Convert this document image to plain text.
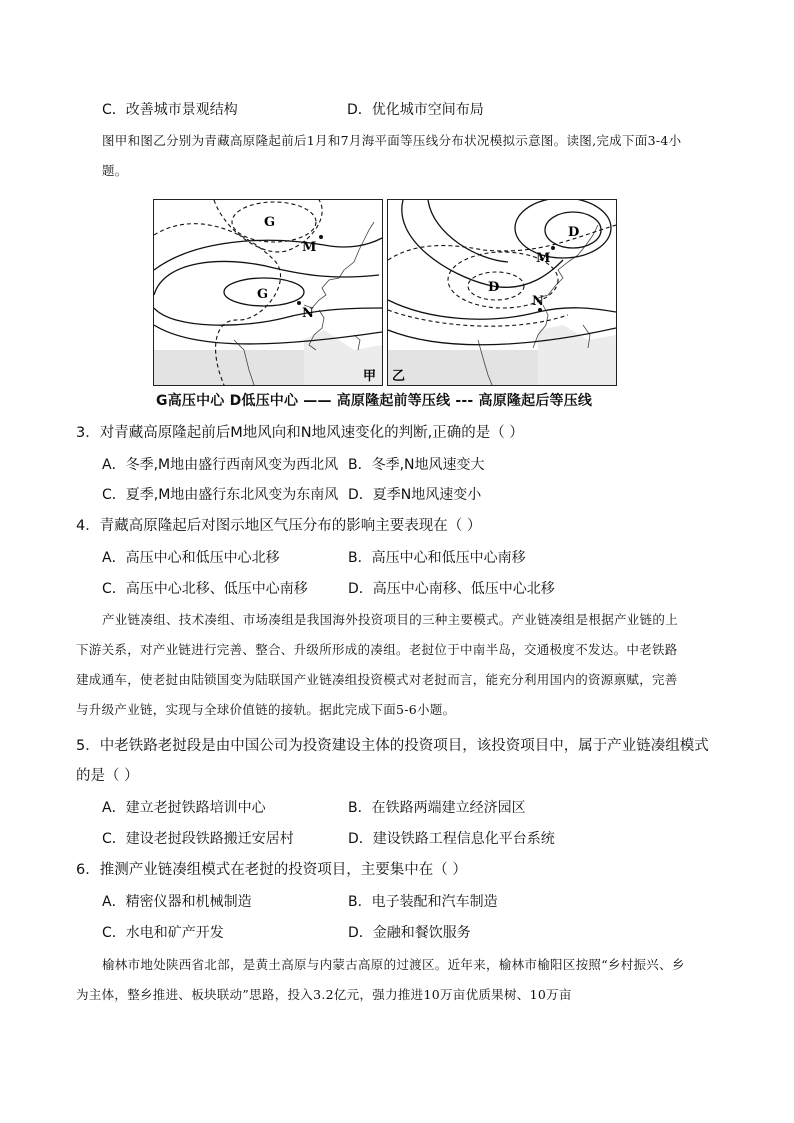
C．改善城市景观结构	D．优化城市空间布局
图甲和图乙分别为青藏高原隆起前后1月和7月海平面等压线分布状况模拟示意图。读图,完成下面3-4小题。
G
G
M
N
甲
D
D
M
N
乙
G高压中心 D低压中心 —— 高原隆起前等压线 --- 高原隆起后等压线
3．对青藏高原隆起前后M地风向和N地风速变化的判断,正确的是（ ）
A．冬季,M地由盛行西南风变为西北风 B．冬季,N地风速变大
C．夏季,M地由盛行东北风变为东南风 D．夏季N地风速变小
4．青藏高原隆起后对图示地区气压分布的影响主要表现在（ ）
A．高压中心和低压中心北移	B．高压中心和低压中心南移
C．高压中心北移、低压中心南移	D．高压中心南移、低压中心北移
产业链凑组、技术凑组、市场凑组是我国海外投资项目的三种主要模式。产业链凑组是根据产业链的上下游关系，对产业链进行完善、整合、升级所形成的凑组。老挝位于中南半岛，交通极度不发达。中老铁路建成通车，使老挝由陆锁国变为陆联国产业链凑组投资模式对老挝而言，能充分利用国内的资源禀赋，完善与升级产业链，实现与全球价值链的接轨。据此完成下面5-6小题。
5．中老铁路老挝段是由中国公司为投资建设主体的投资项目，该投资项目中，属于产业链凑组模式
的是（ ）
A．建立老挝铁路培训中心	B．在铁路两端建立经济园区
C．建设老挝段铁路搬迁安居村	D．建设铁路工程信息化平台系统
6．推测产业链凑组模式在老挝的投资项目，主要集中在（ ）
A．精密仪器和机械制造	B．电子装配和汽车制造
C．水电和矿产开发	D．金融和餐饮服务
榆林市地处陕西省北部，是黄土高原与内蒙古高原的过渡区。近年来，榆林市榆阳区按照“乡村振兴、乡为主体，整乡推进、板块联动”思路，投入3.2亿元，强力推进10万亩优质果树、10万亩
